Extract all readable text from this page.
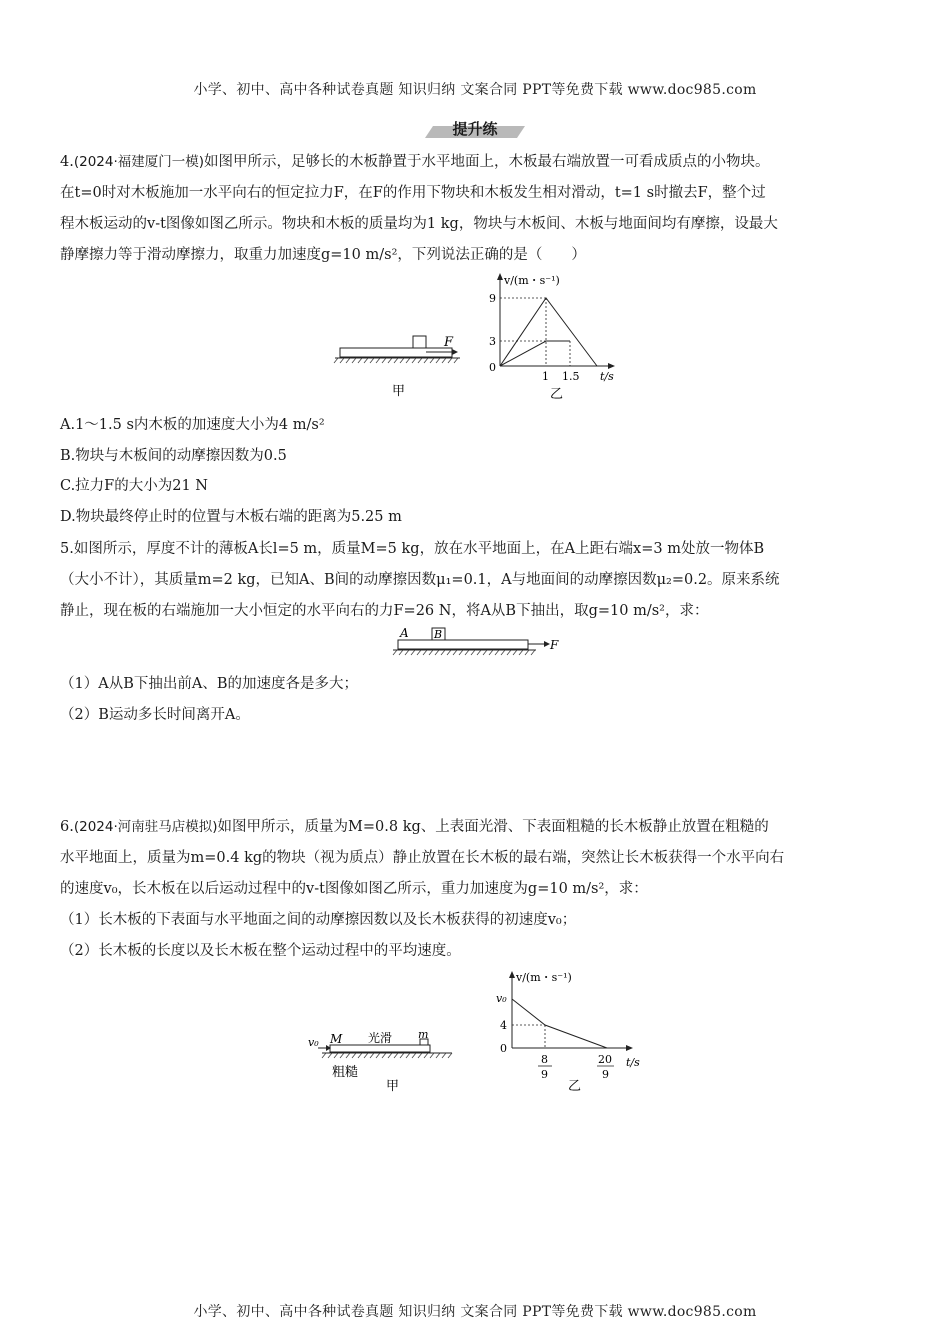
小学、初中、高中各种试卷真题 知识归纳 文案合同 PPT等免费下载 www.doc985.com
提升练
4.(2024·福建厦门一模)如图甲所示，足够长的木板静置于水平地面上，木板最右端放置一可看成质点的小物块。
在t=0时对木板施加一水平向右的恒定拉力F，在F的作用下物块和木板发生相对滑动，t=1 s时撤去F，整个过
程木板运动的v-t图像如图乙所示。物块和木板的质量均为1 kg，物块与木板间、木板与地面间均有摩擦，设最大
静摩擦力等于滑动摩擦力，取重力加速度g=10 m/s²，下列说法正确的是（　　）
F
甲
v/(m・s⁻¹)
t/s
9
3
0
1 1.5
乙
A.1～1.5 s内木板的加速度大小为4 m/s²
B.物块与木板间的动摩擦因数为0.5
C.拉力F的大小为21 N
D.物块最终停止时的位置与木板右端的距离为5.25 m
5.如图所示，厚度不计的薄板A长l=5 m，质量M=5 kg，放在水平地面上，在A上距右端x=3 m处放一物体B
（大小不计），其质量m=2 kg，已知A、B间的动摩擦因数μ₁=0.1，A与地面间的动摩擦因数μ₂=0.2。原来系统
静止，现在板的右端施加一大小恒定的水平向右的力F=26 N，将A从B下抽出，取g=10 m/s²，求：
A B
F
（1）A从B下抽出前A、B的加速度各是多大；
（2）B运动多长时间离开A。
6.(2024·河南驻马店模拟)如图甲所示，质量为M=0.8 kg、上表面光滑、下表面粗糙的长木板静止放置在粗糙的
水平地面上，质量为m=0.4 kg的物块（视为质点）静止放置在长木板的最右端，突然让长木板获得一个水平向右
的速度v₀，长木板在以后运动过程中的v-t图像如图乙所示，重力加速度为g=10 m/s²，求：
（1）长木板的下表面与水平地面之间的动摩擦因数以及长木板获得的初速度v₀；
（2）长木板的长度以及长木板在整个运动过程中的平均速度。
v₀ M 光滑 m
粗糙
甲
v/(m・s⁻¹)
t/s
v₀
4
0
8
9
20
9
乙
小学、初中、高中各种试卷真题 知识归纳 文案合同 PPT等免费下载 www.doc985.com
